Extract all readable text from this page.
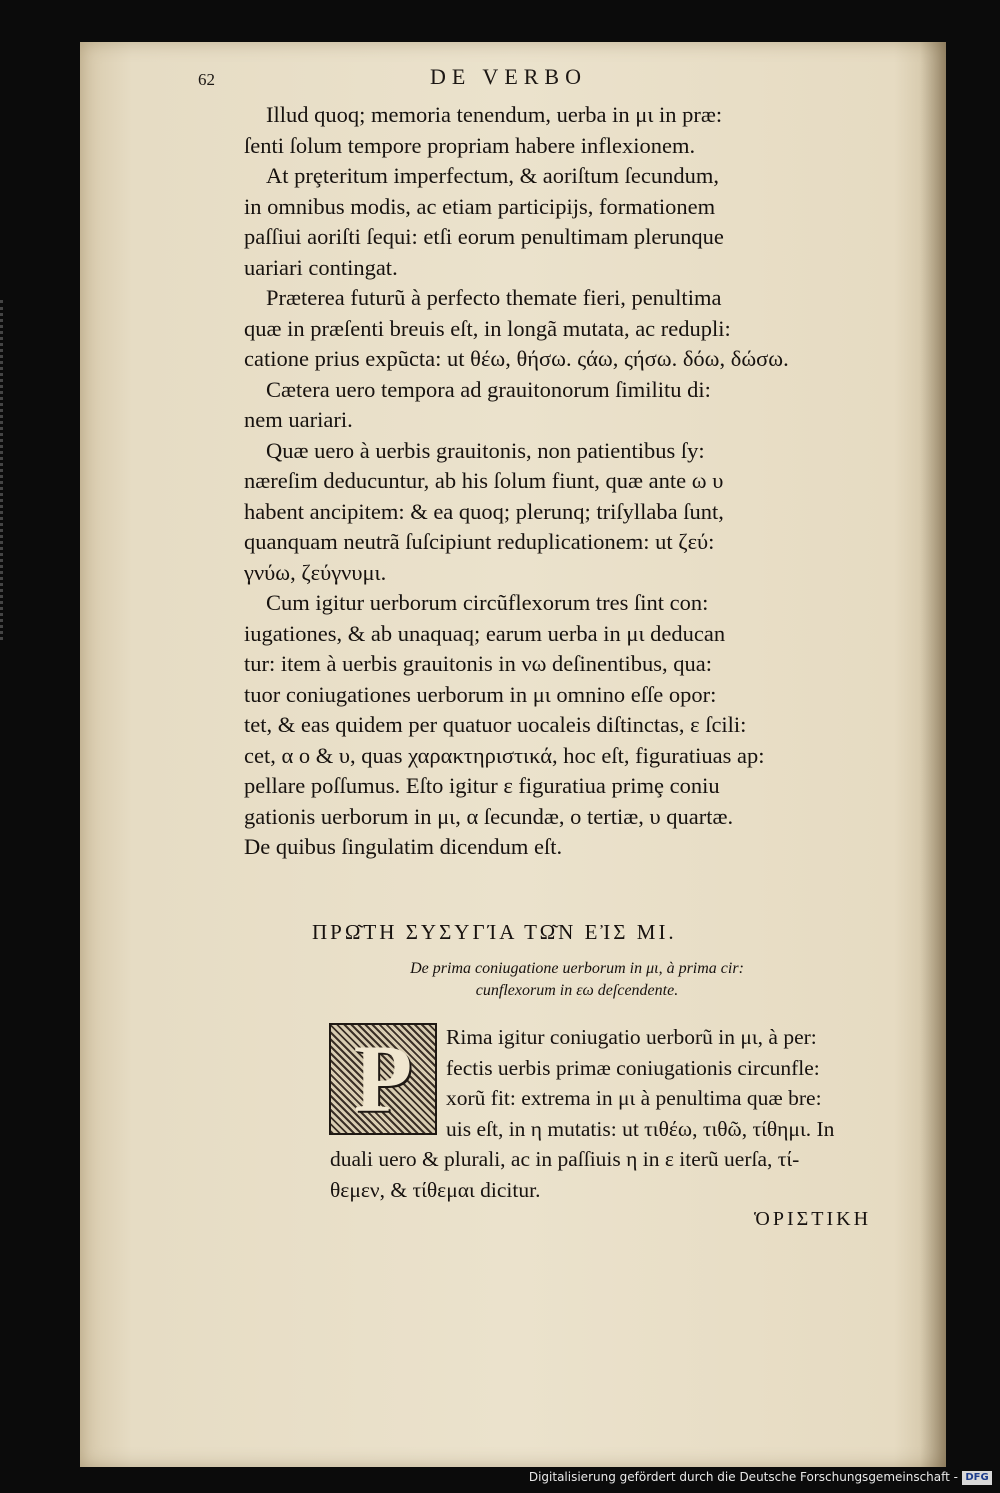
62	DE VERBO
Illud quoq; memoria tenendum, uerba in μι in præ:
ſenti ſolum tempore propriam habere inflexionem.
At prȩteritum imperfectum, & aoriſtum ſecundum,
in omnibus modis, ac etiam participijs, formationem
paſſiui aoriſti ſequi: etſi eorum penultimam plerunque
uariari contingat.
Præterea futurũ à perfecto themate fieri, penultima
quæ in præſenti breuis eſt, in longã mutata, ac redupli:
catione prius expũcta: ut θέω, θήσω. ςάω, ςήσω. δόω, δώσω.
Cætera uero tempora ad grauitonorum ſimilitu di:
nem uariari.
Quæ uero à uerbis grauitonis, non patientibus ſy:
næreſim deducuntur, ab his ſolum fiunt, quæ ante ω υ
habent ancipitem: & ea quoq; plerunq; triſyllaba ſunt,
quanquam neutrã ſuſcipiunt reduplicationem: ut ζεύ:
γνύω, ζεύγνυμι.
Cum igitur uerborum circũflexorum tres ſint con:
iugationes, & ab unaquaq; earum uerba in μι deducan
tur: item à uerbis grauitonis in νω deſinentibus, qua:
tuor coniugationes uerborum in μι omnino eſſe opor:
tet, & eas quidem per quatuor uocaleis diſtinctas, ε ſcili:
cet, α ο & υ, quas χαρακτηριστικά, hoc eſt, figuratiuas ap:
pellare poſſumus. Eſto igitur ε figuratiua primȩ coniu
gationis uerborum in μι, α ſecundæ, ο tertiæ, υ quartæ.
De quibus ſingulatim dicendum eſt.
ΠΡΩ͂ΤΗ ΣΥΣΥΓΊΑ ΤΩ͂Ν ΕἸΣ ΜΙ.
De prima coniugatione uerborum in μι, à prima cir:
cunflexorum in εω deſcendente.
P	Rima igitur coniugatio uerborũ in μι, à per:
fectis uerbis primæ coniugationis circunfle:
xorũ fit: extrema in μι à penultima quæ bre:
uis eſt, in η mutatis: ut τιθέω, τιθῶ, τίθημι. In
duali uero & plurali, ac in paſſiuis η in ε iterũ uerſa, τί-
θεμεν, & τίθεμαι dicitur.
ὉΡΙΣΤΙΚΗ
Digitalisierung gefördert durch die Deutsche Forschungsgemeinschaft - DFG
